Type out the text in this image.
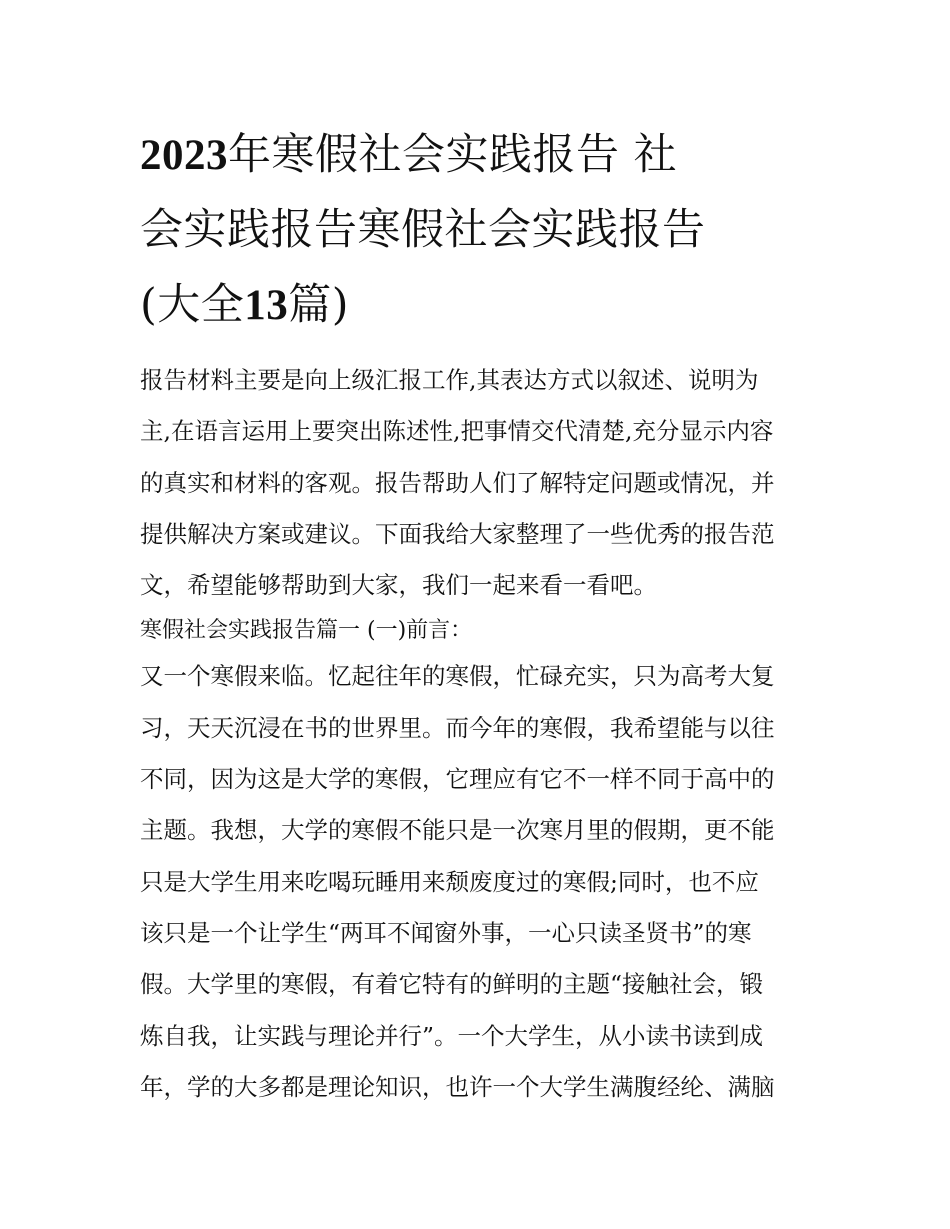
2023年寒假社会实践报告 社
会实践报告寒假社会实践报告
(大全13篇)

报告材料主要是向上级汇报工作,其表达方式以叙述、说明为
主,在语言运用上要突出陈述性,把事情交代清楚,充分显示内容
的真实和材料的客观。报告帮助人们了解特定问题或情况，并
提供解决方案或建议。下面我给大家整理了一些优秀的报告范
文，希望能够帮助到大家，我们一起来看一看吧。

寒假社会实践报告篇一 (一)前言：

又一个寒假来临。忆起往年的寒假，忙碌充实，只为高考大复
习，天天沉浸在书的世界里。而今年的寒假，我希望能与以往
不同，因为这是大学的寒假，它理应有它不一样不同于高中的
主题。我想，大学的寒假不能只是一次寒月里的假期，更不能
只是大学生用来吃喝玩睡用来颓废度过的寒假;同时，也不应
该只是一个让学生“两耳不闻窗外事，一心只读圣贤书”的寒
假。大学里的寒假，有着它特有的鲜明的主题“接触社会，锻
炼自我，让实践与理论并行”。一个大学生，从小读书读到成
年，学的大多都是理论知识，也许一个大学生满腹经纶、满脑
